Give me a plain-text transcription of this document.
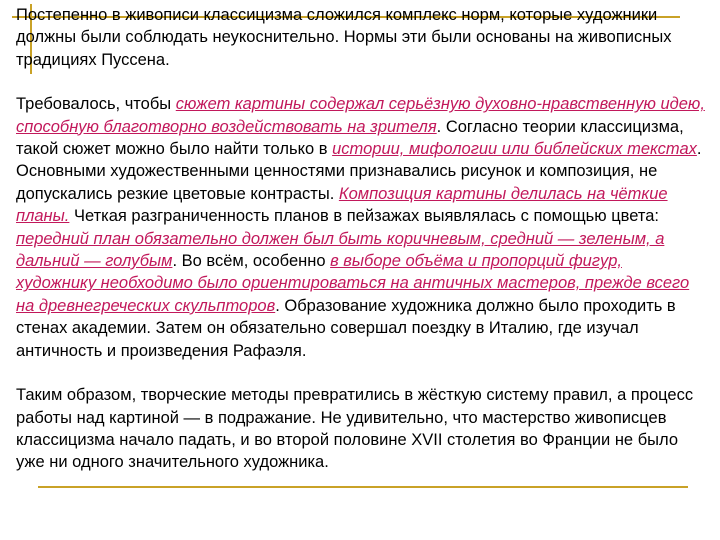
Постепенно в живописи классицизма сложился комплекс норм, которые художники должны были соблюдать неукоснительно. Нормы эти были основаны на живописных традициях Пуссена.

Требовалось, чтобы сюжет картины содержал серьёзную духовно-нравственную идею, способную благотворно воздействовать на зрителя. Согласно теории классицизма, такой сюжет можно было найти только в истории, мифологии или библейских текстах. Основными художественными ценностями признавались рисунок и композиция, не допускались резкие цветовые контрасты. Композиция картины делилась на чёткие планы. Четкая разграниченность планов в пейзажах выявлялась с помощью цвета: передний план обязательно должен был быть коричневым, средний — зеленым, а дальний — голубым. Во всём, особенно в выборе объёма и пропорций фигур, художнику необходимо было ориентироваться на античных мастеров, прежде всего на древнегреческих скульпторов. Образование художника должно было проходить в стенах академии. Затем он обязательно совершал поездку в Италию, где изучал античность и произведения Рафаэля.

Таким образом, творческие методы превратились в жёсткую систему правил, а процесс работы над картиной — в подражание. Не удивительно, что мастерство живописцев классицизма начало падать, и во второй половине XVII столетия во Франции не было уже ни одного значительного художника.
